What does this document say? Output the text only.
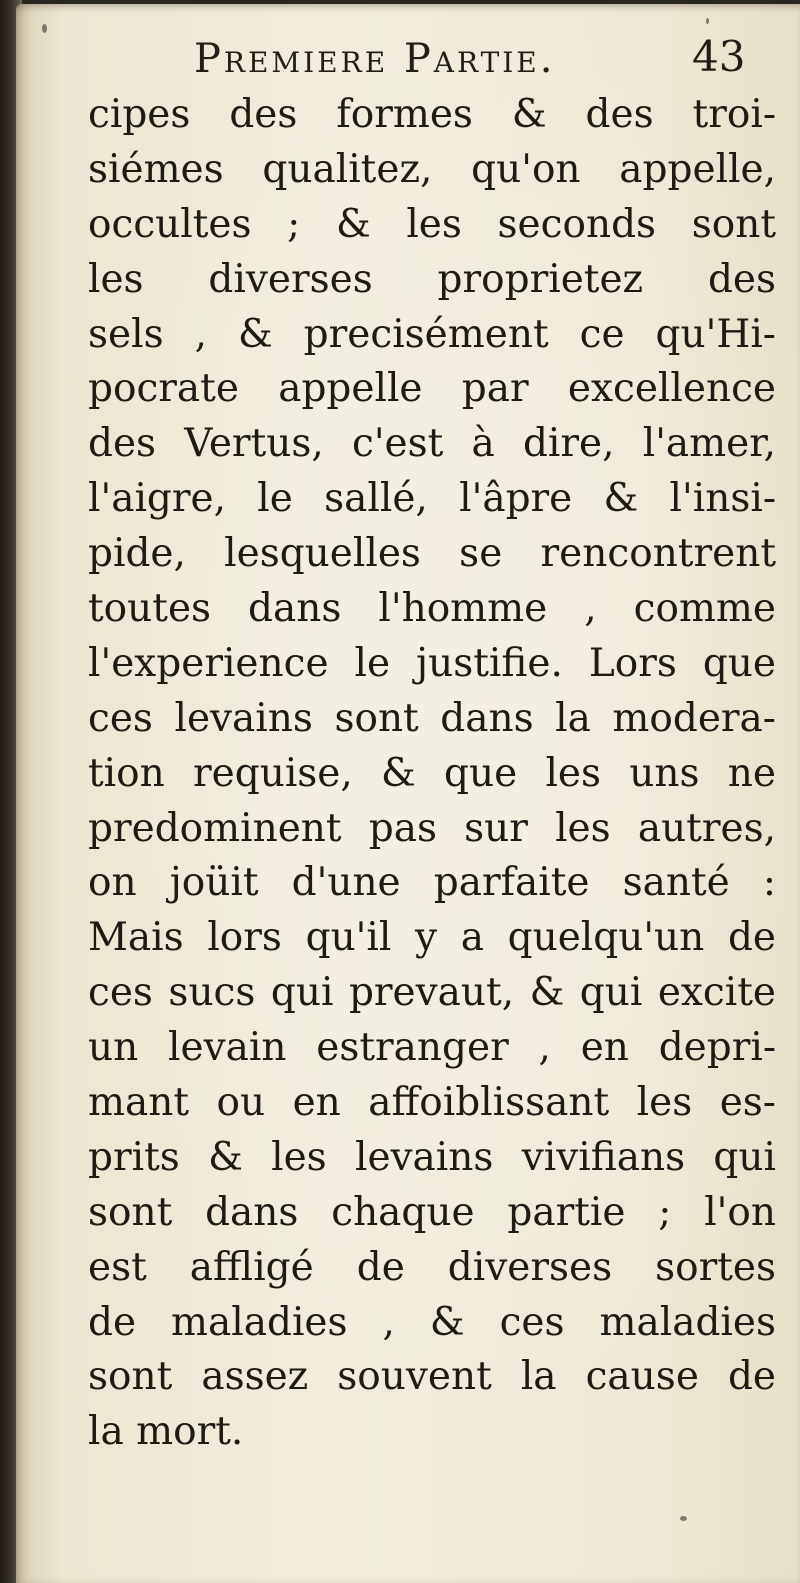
Premiere Partie.	43
cipes des formes & des troi-
siémes qualitez, qu'on appelle,
occultes ; & les seconds sont
les diverses proprietez des
sels , & precisément ce qu'Hi-
pocrate appelle par excellence
des Vertus, c'est à dire, l'amer,
l'aigre, le sallé, l'âpre & l'insi-
pide, lesquelles se rencontrent
toutes dans l'homme , comme
l'experience le justifie. Lors que
ces levains sont dans la modera-
tion requise, & que les uns ne
predominent pas sur les autres,
on joüit d'une parfaite santé :
Mais lors qu'il y a quelqu'un de
ces sucs qui prevaut, & qui excite
un levain estranger , en depri-
mant ou en affoiblissant les es-
prits & les levains vivifians qui
sont dans chaque partie ; l'on
est affligé de diverses sortes
de maladies , & ces maladies
sont assez souvent la cause de
la mort.
